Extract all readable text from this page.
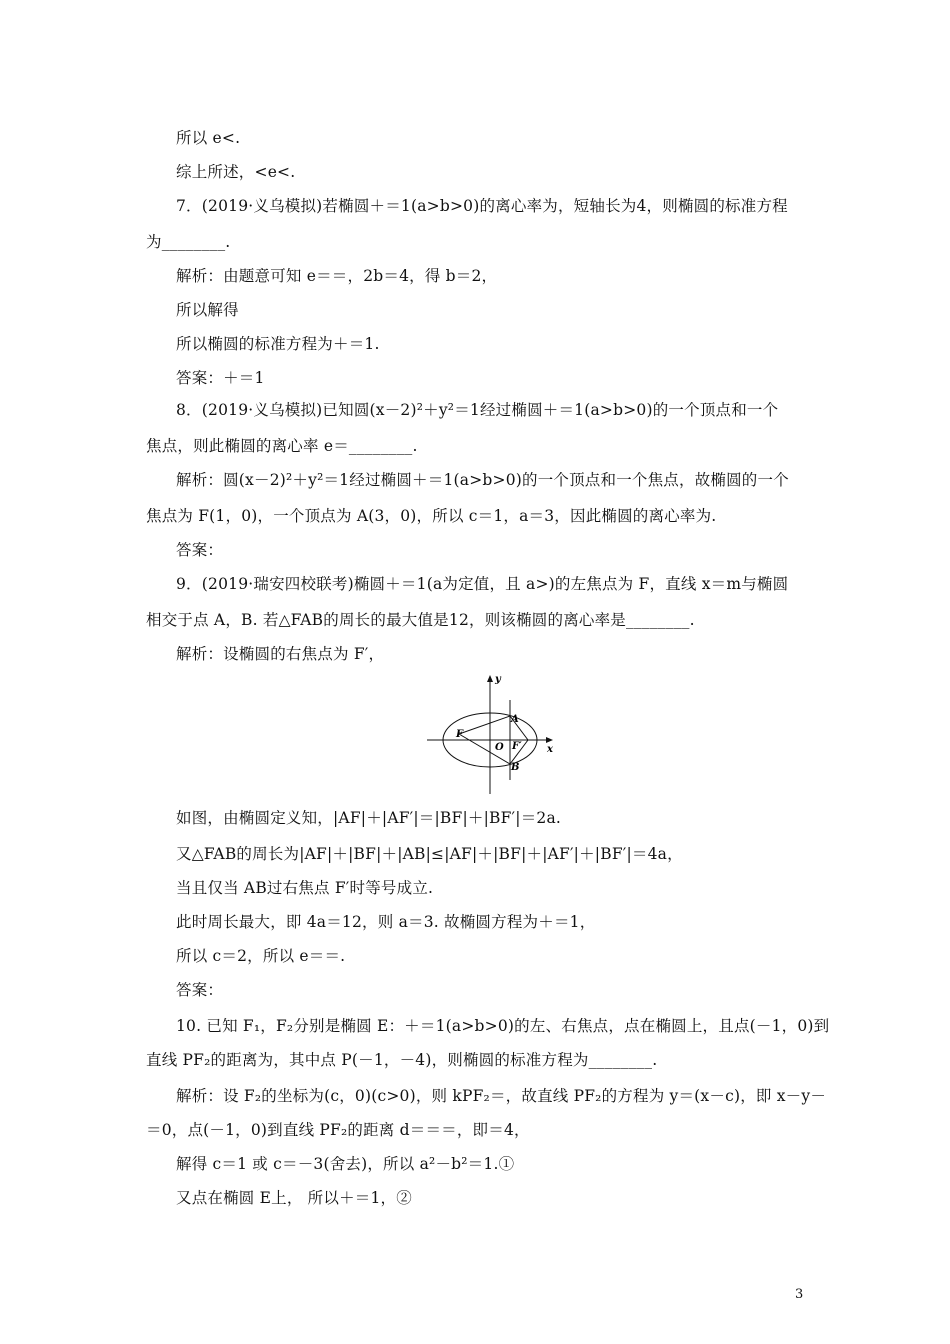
所以 e<.
综上所述，<e<.
7．(2019·义乌模拟)若椭圆＋＝1(a>b>0)的离心率为，短轴长为4，则椭圆的标准方程
为________.
解析：由题意可知 e＝＝，2b＝4，得 b＝2，
所以解得
所以椭圆的标准方程为＋＝1.
答案：＋＝1
8．(2019·义乌模拟)已知圆(x－2)²＋y²＝1经过椭圆＋＝1(a>b>0)的一个顶点和一个
焦点，则此椭圆的离心率 e＝________.
解析：圆(x－2)²＋y²＝1经过椭圆＋＝1(a>b>0)的一个顶点和一个焦点，故椭圆的一个
焦点为 F(1，0)，一个顶点为 A(3，0)，所以 c＝1，a＝3，因此椭圆的离心率为.
答案：
9．(2019·瑞安四校联考)椭圆＋＝1(a为定值，且 a>)的左焦点为 F，直线 x＝m与椭圆
相交于点 A，B. 若△FAB的周长的最大值是12，则该椭圆的离心率是________.
解析：设椭圆的右焦点为 F′，
如图，由椭圆定义知，|AF|＋|AF′|＝|BF|＋|BF′|＝2a.
又△FAB的周长为|AF|＋|BF|＋|AB|≤|AF|＋|BF|＋|AF′|＋|BF′|＝4a，
当且仅当 AB过右焦点 F′时等号成立.
此时周长最大，即 4a＝12，则 a＝3. 故椭圆方程为＋＝1，
所以 c＝2，所以 e＝＝.
答案：
10. 已知 F₁，F₂分别是椭圆 E：＋＝1(a>b>0)的左、右焦点，点在椭圆上，且点(－1，0)到
直线 PF₂的距离为，其中点 P(－1，－4)，则椭圆的标准方程为________.
解析：设 F₂的坐标为(c，0)(c>0)，则 kPF₂＝，故直线 PF₂的方程为 y＝(x－c)，即 x－y－
＝0，点(－1，0)到直线 PF₂的距离 d＝＝＝，即＝4，
解得 c＝1 或 c＝－3(舍去)，所以 a²－b²＝1.①
又点在椭圆 E上， 所以＋＝1，②
y
x
A
B
F
O F′
3
